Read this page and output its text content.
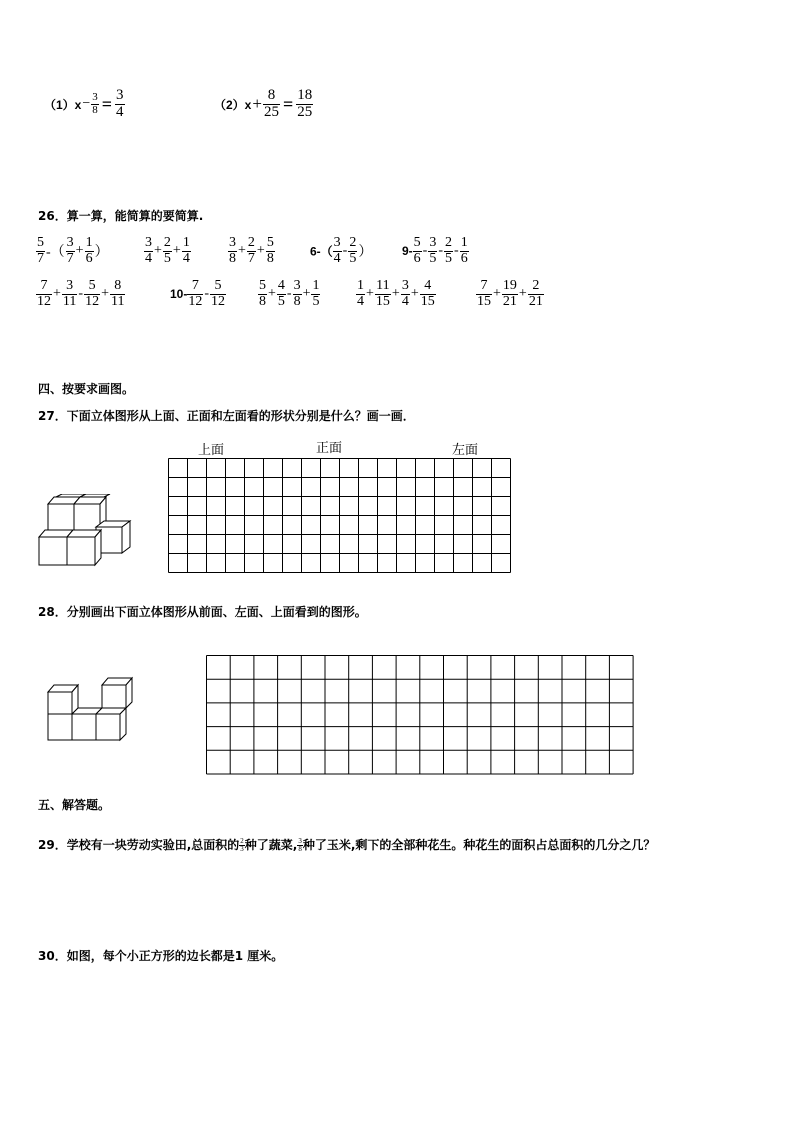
$(1)x- \frac{3}{8} = \frac{3}{4}$	$(2)x+ \frac{8}{25} = \frac{18}{25}$
26．算一算，能简算的要简算.
$\frac{5}{7}$ -（ $\frac{3}{7} + \frac{1}{6}$ ）	$\frac{3}{4} + \frac{2}{5} + \frac{1}{4}$	$\frac{3}{8} + \frac{2}{7} + \frac{5}{8}$	$6-( \frac{3}{4} - \frac{2}{5}$ ） $9- \frac{5}{6} - \frac{3}{5} - \frac{2}{5} - \frac{1}{6}$
$\frac{7}{12} + \frac{3}{11} - \frac{5}{12} + \frac{8}{11}$	$10- \frac{7}{12} - \frac{5}{12} \frac{5}{8} + \frac{4}{5} - \frac{3}{8} + \frac{1}{5}$	$\frac{1}{4} + \frac{11}{15} + \frac{3}{4} + \frac{4}{15}$	$\frac{7}{15} + \frac{19}{21} + \frac{2}{21}$
四、按要求画图。
27．下面立体图形从上面、正面和左面看的形状分别是什么？画一画．
上面	正面	左面
28．分别画出下面立体图形从前面、左面、上面看到的图形。
五、解答题。
29．学校有一块劳动实验田,总面积的 $\frac{2}{3}$ 种了蔬菜, $\frac{3}{8}$ 种了玉米,剩下的全部种花生。种花生的面积占总面积的几分之几？
30．如图，每个小正方形的边长都是1 厘米。
